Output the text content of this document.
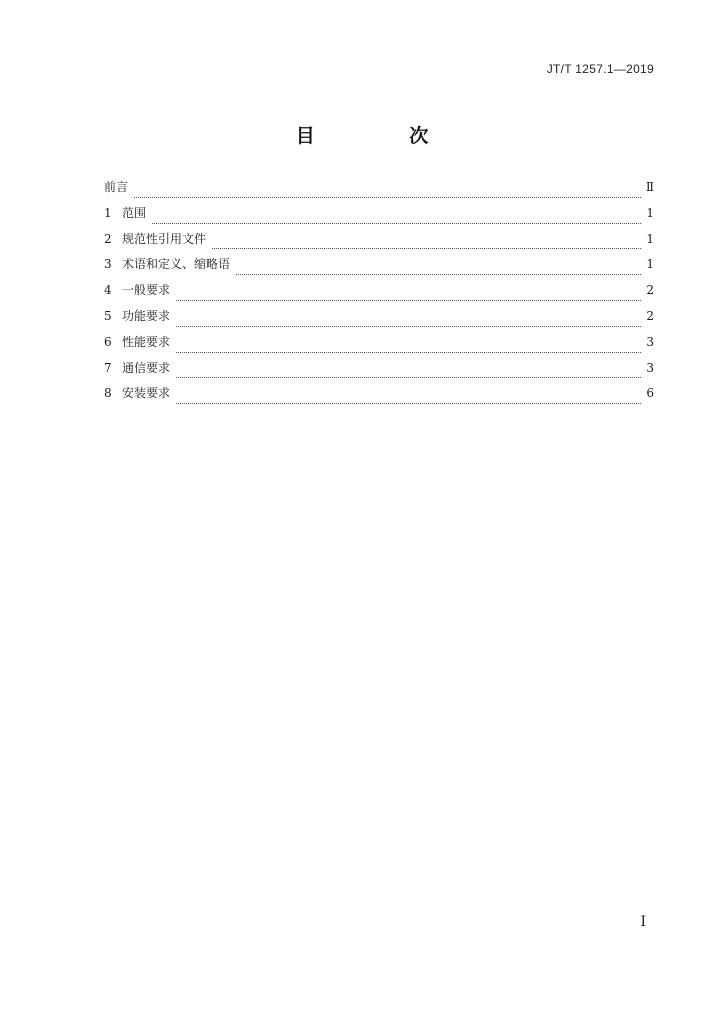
JT/T 1257.1—2019
目 次
前言	Ⅱ
1 范围	1
2 规范性引用文件	1
3 术语和定义、缩略语	1
4 一般要求	2
5 功能要求	2
6 性能要求	3
7 通信要求	3
8 安装要求	6
Ⅰ
